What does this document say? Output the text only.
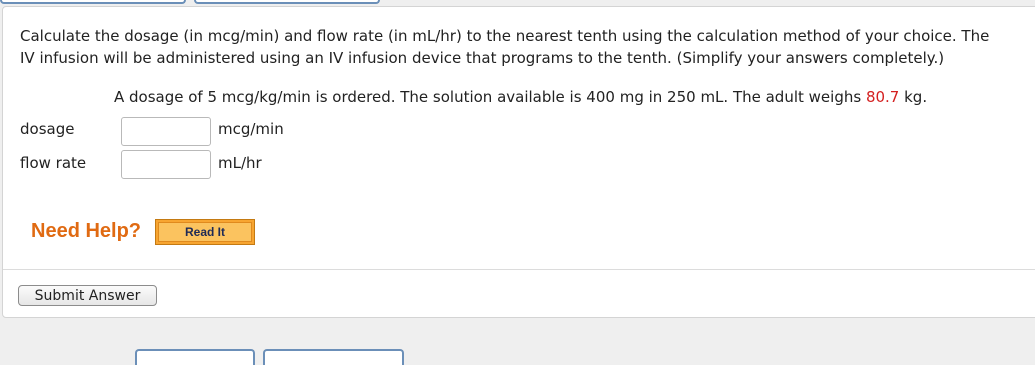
Calculate the dosage (in mcg/min) and flow rate (in mL/hr) to the nearest tenth using the calculation method of your choice. The
IV infusion will be administered using an IV infusion device that programs to the tenth. (Simplify your answers completely.)
A dosage of 5 mcg/kg/min is ordered. The solution available is 400 mg in 250 mL. The adult weighs 80.7 kg.
dosage	mcg/min
flow rate	mL/hr
Need Help?	Read It
Submit Answer
